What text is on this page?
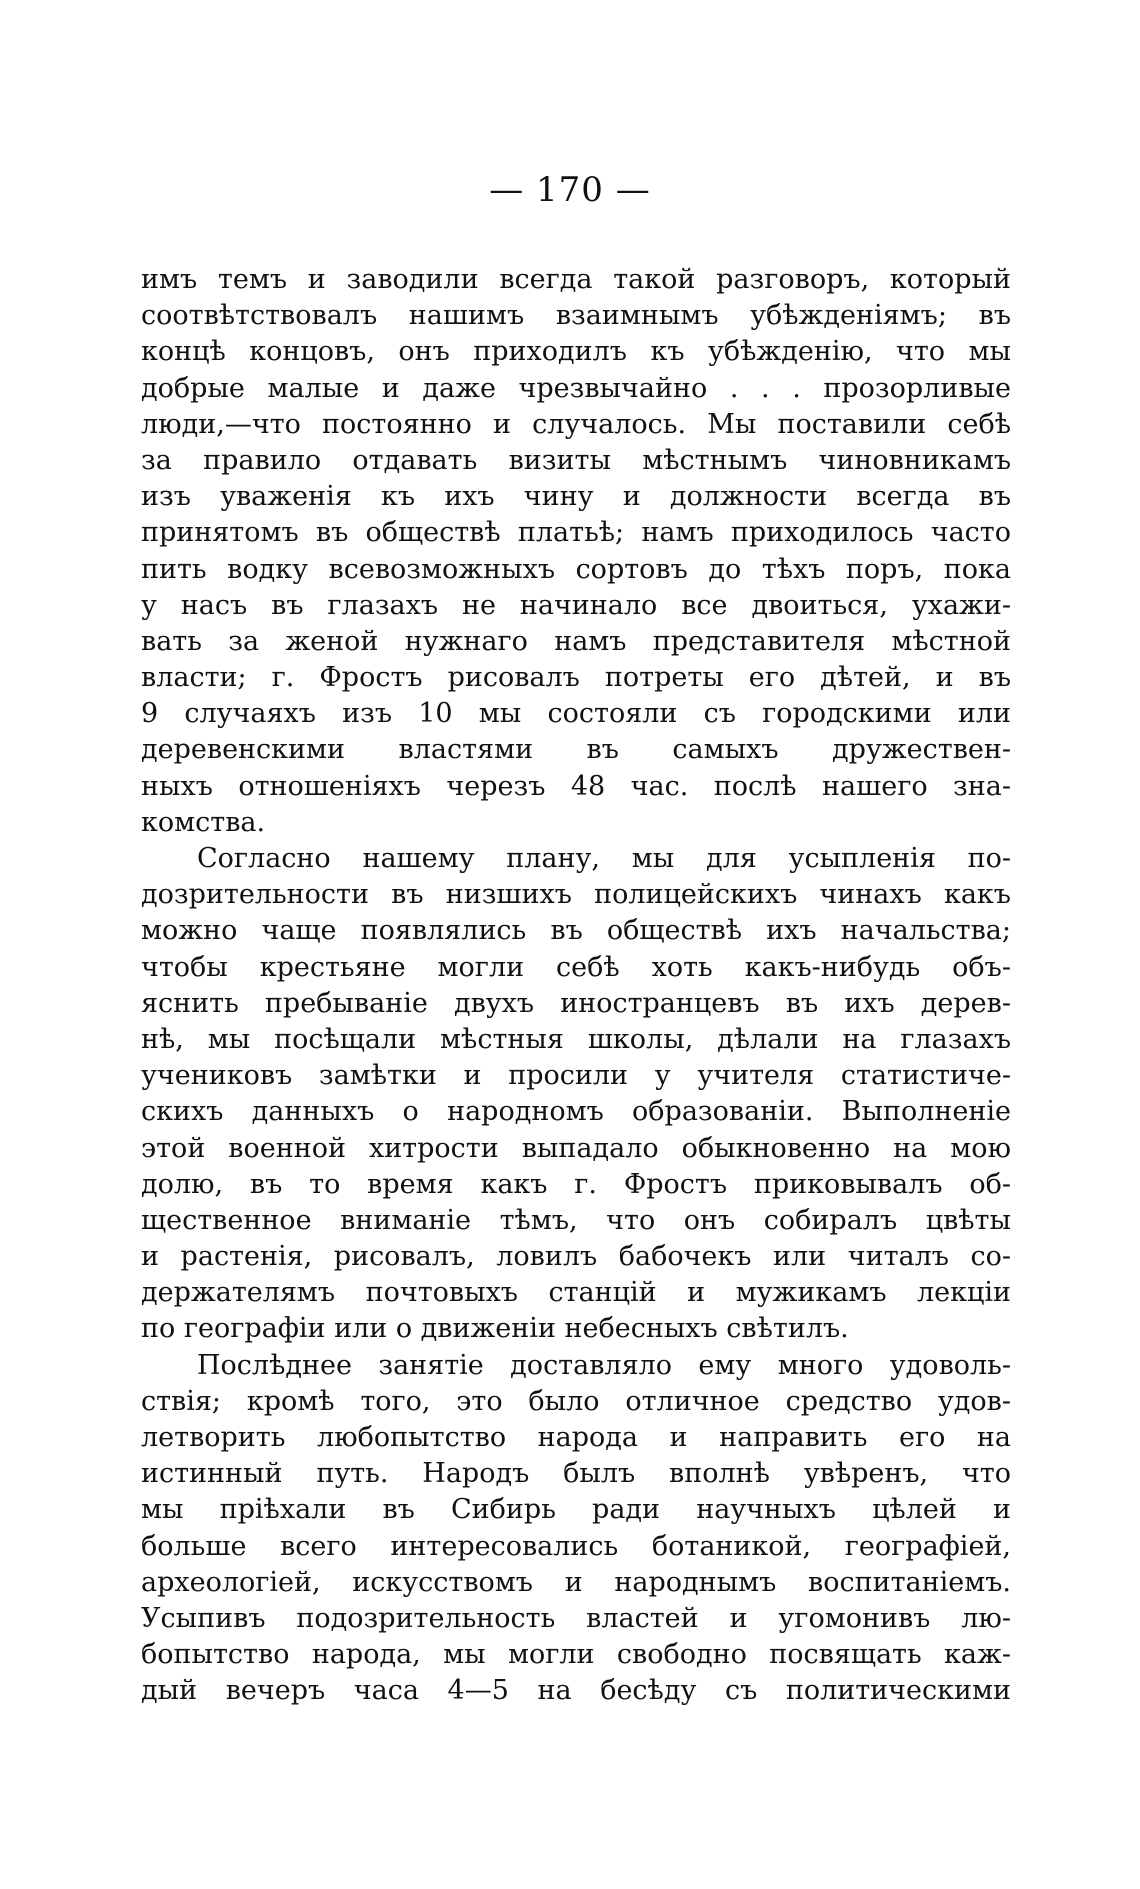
— 170 —
имъ темъ и заводили всегда такой разговоръ, который
соотвѣтствовалъ нашимъ взаимнымъ убѣжденіямъ; въ
концѣ концовъ, онъ приходилъ къ убѣжденію, что мы
добрые малые и даже чрезвычайно . . . прозорливые
люди,—что постоянно и случалось. Мы поставили себѣ
за правило отдавать визиты мѣстнымъ чиновникамъ
изъ уваженія къ ихъ чину и должности всегда въ
принятомъ въ обществѣ платьѣ; намъ приходилось часто
пить водку всевозможныхъ сортовъ до тѣхъ поръ, пока
у насъ въ глазахъ не начинало все двоиться, ухажи-
вать за женой нужнаго намъ представителя мѣстной
власти; г. Фростъ рисовалъ потреты его дѣтей, и въ
9 случаяхъ изъ 10 мы состояли съ городскими или
деревенскими властями въ самыхъ дружествен-
ныхъ отношеніяхъ черезъ 48 час. послѣ нашего зна-
комства.
Согласно нашему плану, мы для усыпленія по-
дозрительности въ низшихъ полицейскихъ чинахъ какъ
можно чаще появлялись въ обществѣ ихъ начальства;
чтобы крестьяне могли себѣ хоть какъ-нибудь объ-
яснить пребываніе двухъ иностранцевъ въ ихъ дерев-
нѣ, мы посѣщали мѣстныя школы, дѣлали на глазахъ
учениковъ замѣтки и просили у учителя статистиче-
скихъ данныхъ о народномъ образованіи. Выполненіе
этой военной хитрости выпадало обыкновенно на мою
долю, въ то время какъ г. Фростъ приковывалъ об-
щественное вниманіе тѣмъ, что онъ собиралъ цвѣты
и растенія, рисовалъ, ловилъ бабочекъ или читалъ со-
держателямъ почтовыхъ станцій и мужикамъ лекціи
по географіи или о движеніи небесныхъ свѣтилъ.
Послѣднее занятіе доставляло ему много удоволь-
ствія; кромѣ того, это было отличное средство удов-
летворить любопытство народа и направить его на
истинный путь. Народъ былъ вполнѣ увѣренъ, что
мы пріѣхали въ Сибирь ради научныхъ цѣлей и
больше всего интересовались ботаникой, географіей,
археологіей, искусствомъ и народнымъ воспитаніемъ.
Усыпивъ подозрительность властей и угомонивъ лю-
бопытство народа, мы могли свободно посвящать каж-
дый вечеръ часа 4—5 на бесѣду съ политическими
